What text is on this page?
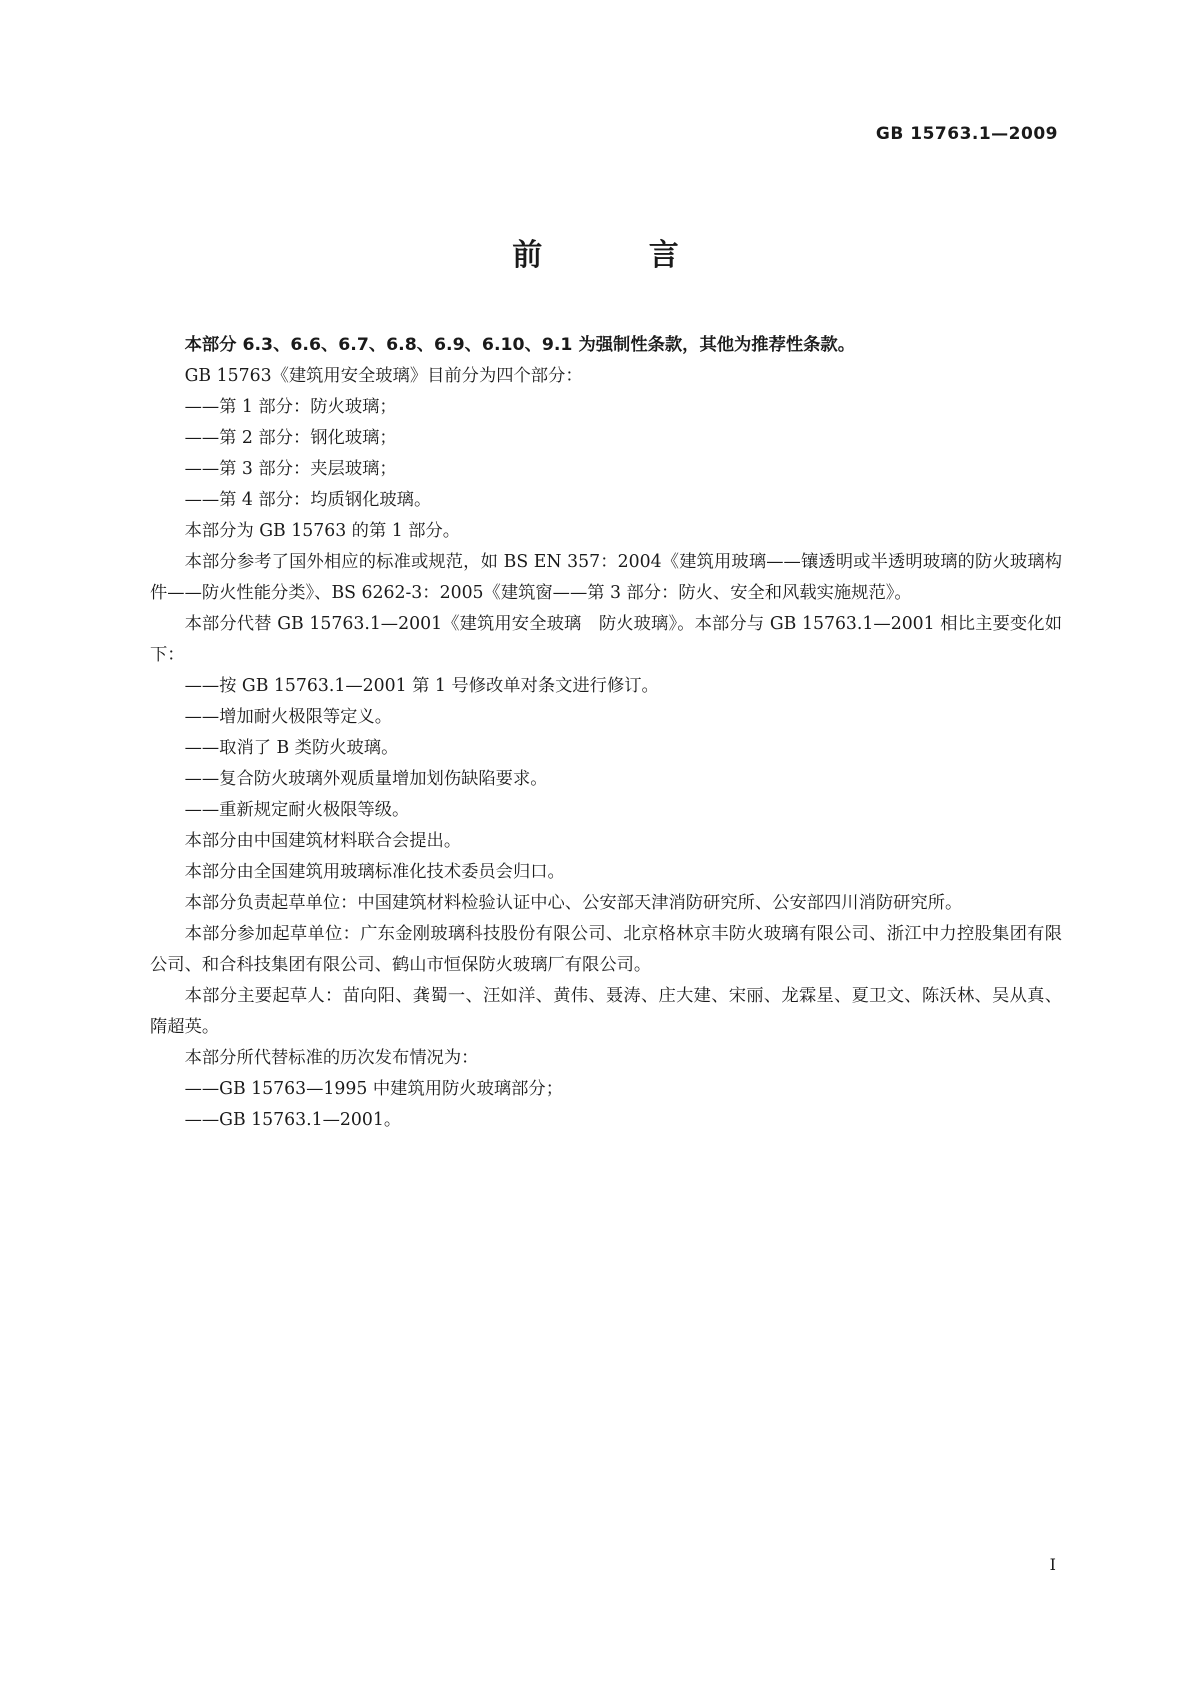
GB 15763.1—2009
前 言

本部分 6.3、6.6、6.7、6.8、6.9、6.10、9.1 为强制性条款，其他为推荐性条款。

GB 15763《建筑用安全玻璃》目前分为四个部分：

——第 1 部分：防火玻璃；

——第 2 部分：钢化玻璃；

——第 3 部分：夹层玻璃；

——第 4 部分：均质钢化玻璃。

本部分为 GB 15763 的第 1 部分。

本部分参考了国外相应的标准或规范，如 BS EN 357：2004《建筑用玻璃——镶透明或半透明玻璃的防火玻璃构件——防火性能分类》、BS 6262-3：2005《建筑窗——第 3 部分：防火、安全和风载实施规范》。

本部分代替 GB 15763.1—2001《建筑用安全玻璃　防火玻璃》。本部分与 GB 15763.1—2001 相比主要变化如下：

——按 GB 15763.1—2001 第 1 号修改单对条文进行修订。

——增加耐火极限等定义。

——取消了 B 类防火玻璃。

——复合防火玻璃外观质量增加划伤缺陷要求。

——重新规定耐火极限等级。

本部分由中国建筑材料联合会提出。

本部分由全国建筑用玻璃标准化技术委员会归口。

本部分负责起草单位：中国建筑材料检验认证中心、公安部天津消防研究所、公安部四川消防研究所。

本部分参加起草单位：广东金刚玻璃科技股份有限公司、北京格林京丰防火玻璃有限公司、浙江中力控股集团有限公司、和合科技集团有限公司、鹤山市恒保防火玻璃厂有限公司。

本部分主要起草人：苗向阳、龚蜀一、汪如洋、黄伟、聂涛、庄大建、宋丽、龙霖星、夏卫文、陈沃林、吴从真、隋超英。

本部分所代替标准的历次发布情况为：

——GB 15763—1995 中建筑用防火玻璃部分；

——GB 15763.1—2001。

I
